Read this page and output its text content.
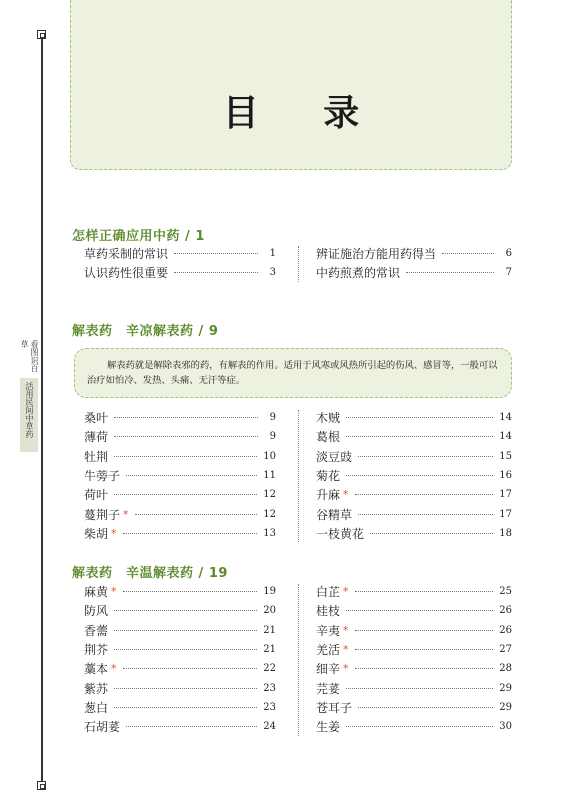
看图识百草
活用民间中草药
目 录
怎样正确应用中药 / 1
草药采制的常识	1
认识药性很重要	3
辨证施治方能用药得当	6
中药煎煮的常识	7
解表药　辛凉解表药 / 9
解表药就是解除表邪的药，有解表的作用。适用于风寒或风热所引起的伤风、感冒等，一般可以治疗如怕冷、发热、头痛、无汗等症。
桑叶	9
薄荷	9
牡荆	10
牛蒡子	11
荷叶	12
蔓荆子 *	12
柴胡 *	13
木贼	14
葛根	14
淡豆豉	15
菊花	16
升麻 *	17
谷精草	17
一枝黄花	18
解表药　辛温解表药 / 19
麻黄 *	19
防风	20
香薷	21
荆芥	21
藁本 *	22
紫苏	23
葱白	23
石胡荽	24
白芷 *	25
桂枝	26
辛夷 *	26
羌活 *	27
细辛 *	28
芫荽	29
苍耳子	29
生姜	30
